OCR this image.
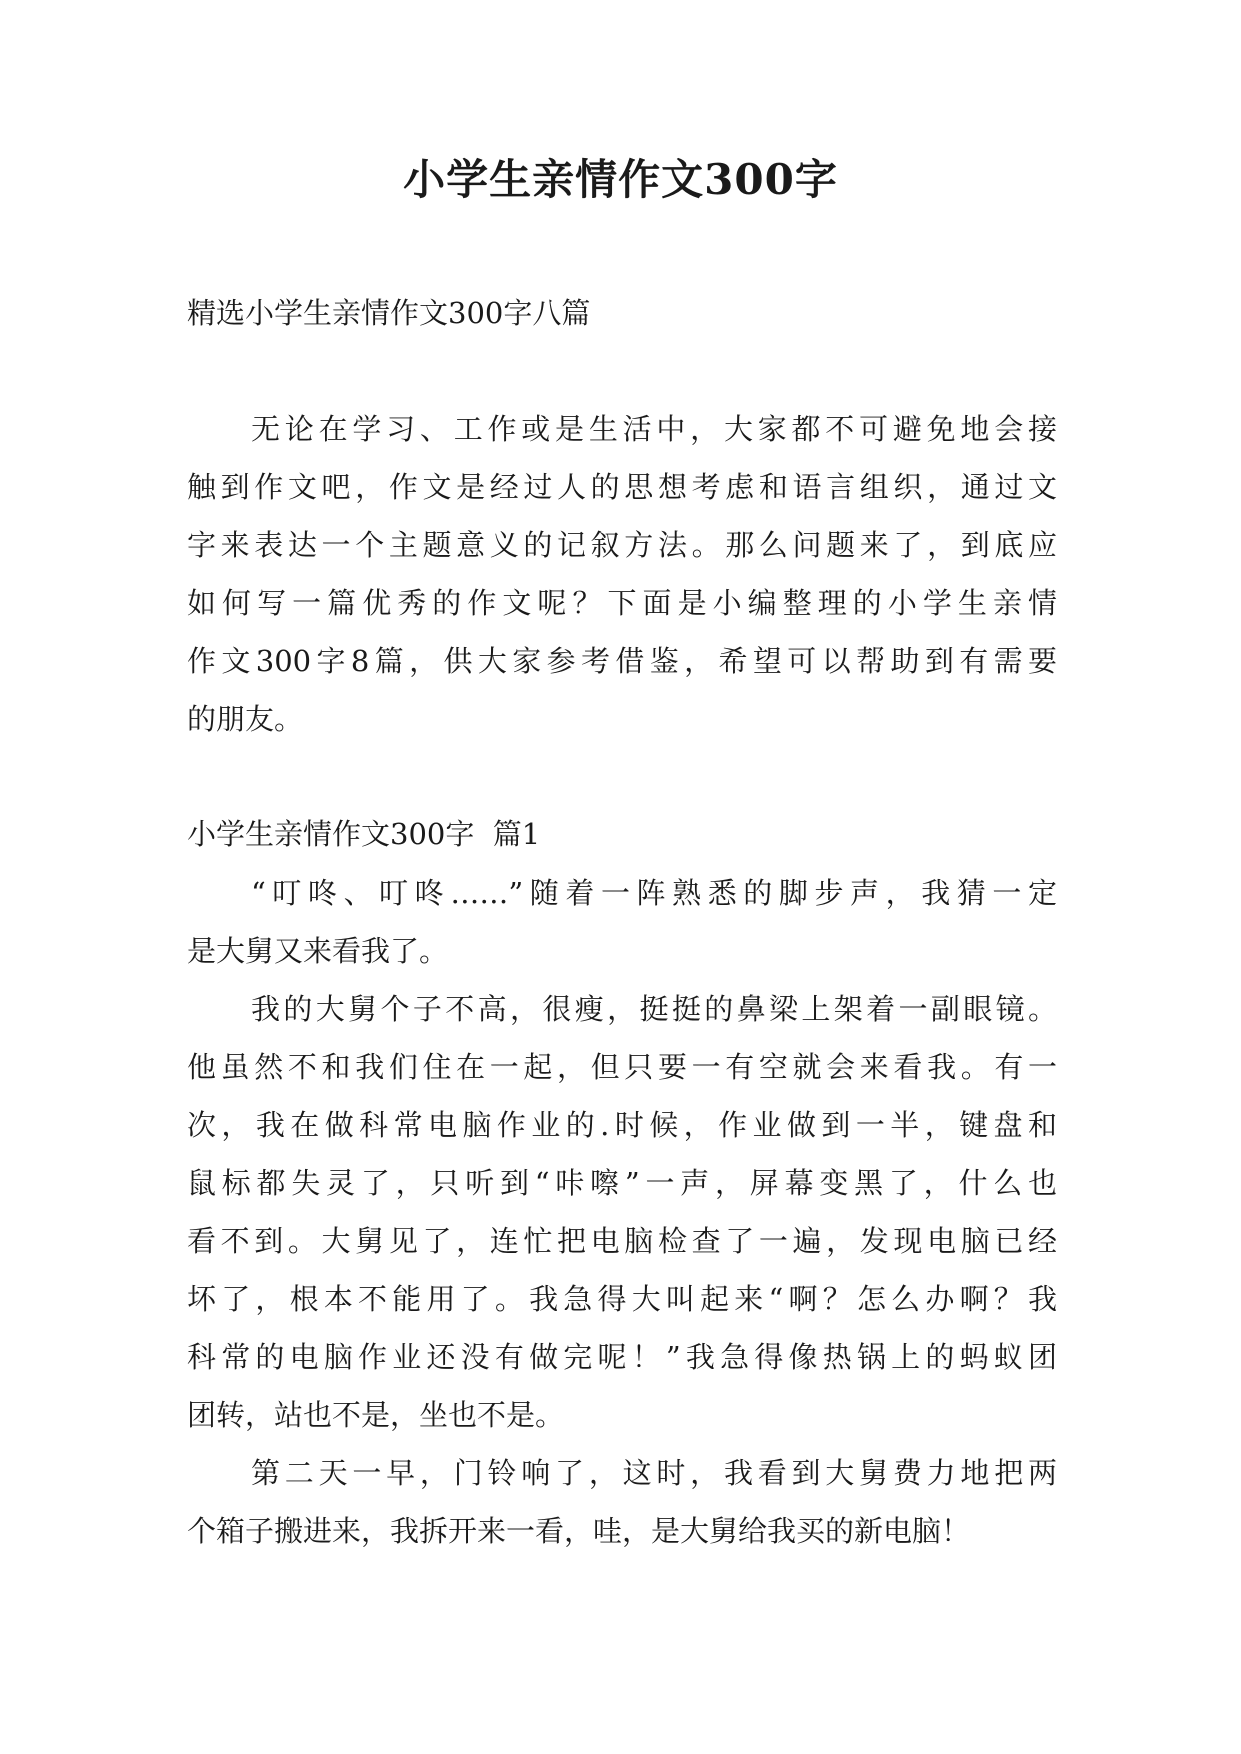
小学生亲情作文300字

精选小学生亲情作文300字八篇

无论在学习、工作或是生活中，大家都不可避免地会接

触到作文吧，作文是经过人的思想考虑和语言组织，通过文

字来表达一个主题意义的记叙方法。那么问题来了，到底应

如何写一篇优秀的作文呢？下面是小编整理的小学生亲情

作文300字8篇，供大家参考借鉴，希望可以帮助到有需要

的朋友。

小学生亲情作文300字  篇1

“叮咚、叮咚……”随着一阵熟悉的脚步声，我猜一定

是大舅又来看我了。

我的大舅个子不高，很瘦，挺挺的鼻梁上架着一副眼镜。

他虽然不和我们住在一起，但只要一有空就会来看我。有一

次，我在做科常电脑作业的.时候，作业做到一半，键盘和

鼠标都失灵了，只听到“咔嚓”一声，屏幕变黑了，什么也

看不到。大舅见了，连忙把电脑检查了一遍，发现电脑已经

坏了，根本不能用了。我急得大叫起来“啊？怎么办啊？我

科常的电脑作业还没有做完呢！”我急得像热锅上的蚂蚁团

团转，站也不是，坐也不是。

第二天一早，门铃响了，这时，我看到大舅费力地把两

个箱子搬进来，我拆开来一看，哇，是大舅给我买的新电脑！
